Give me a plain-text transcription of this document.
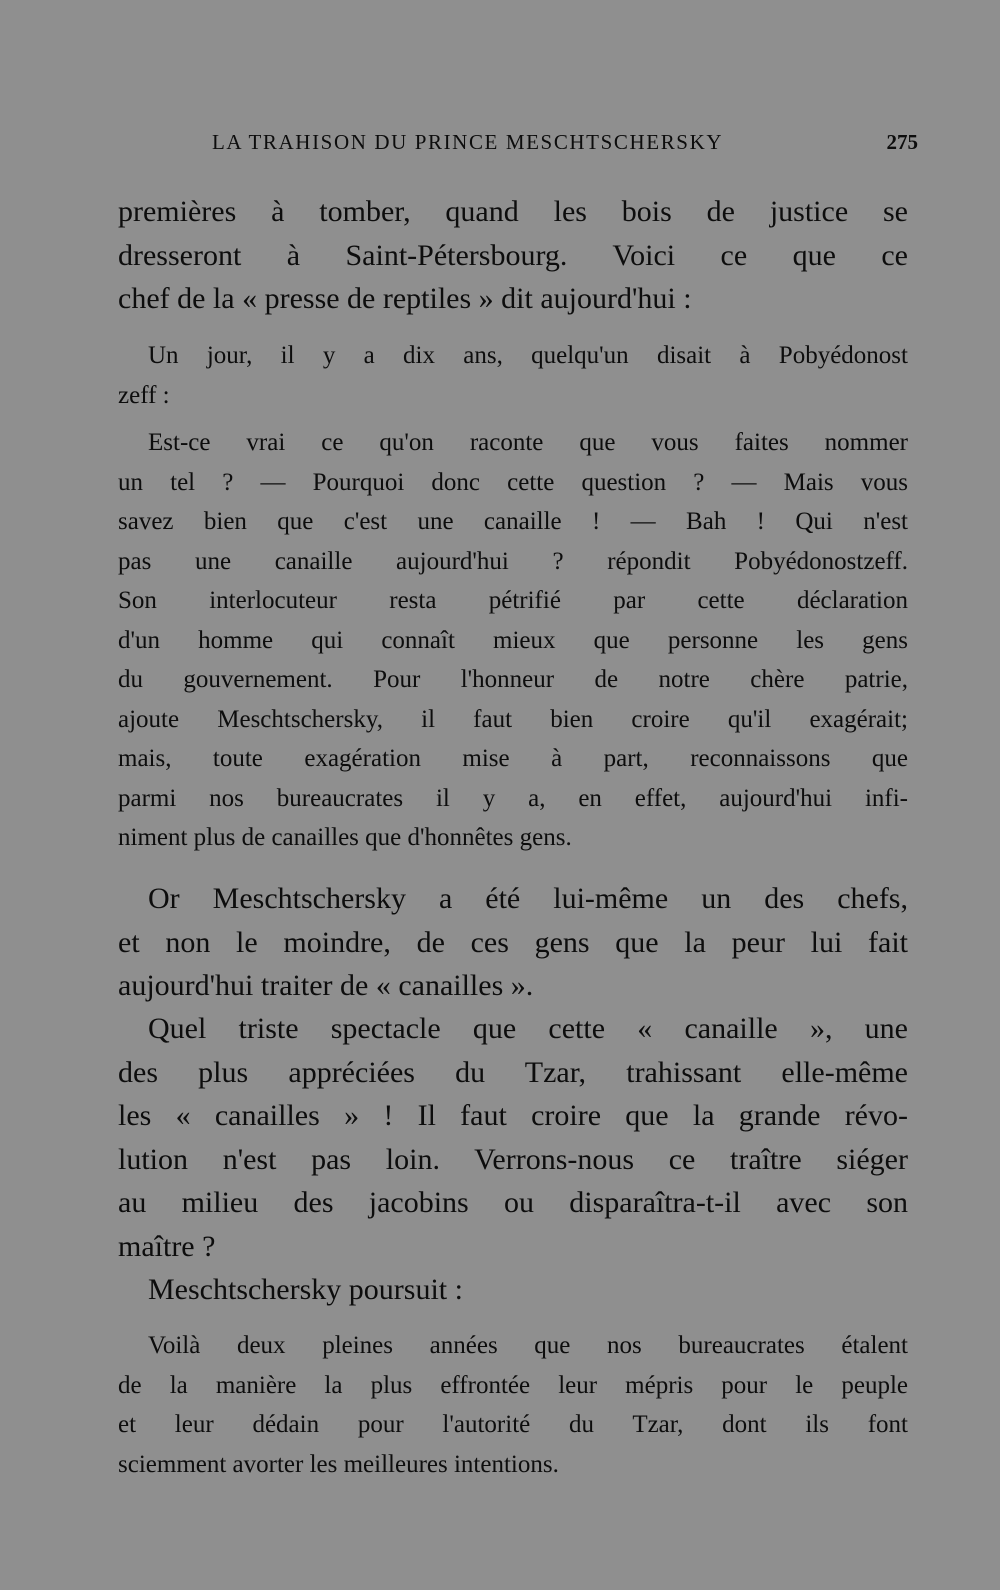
LA TRAHISON DU PRINCE MESCHTSCHERSKY	275
premières à tomber, quand les bois de justice se
dresseront à Saint-Pétersbourg. Voici ce que ce
chef de la « presse de reptiles » dit aujourd'hui :
Un jour, il y a dix ans, quelqu'un disait à Pobyédonost
zeff :
Est-ce vrai ce qu'on raconte que vous faites nommer
un tel ? — Pourquoi donc cette question ? — Mais vous
savez bien que c'est une canaille ! — Bah ! Qui n'est
pas une canaille aujourd'hui ? répondit Pobyédonostzeff.
Son interlocuteur resta pétrifié par cette déclaration
d'un homme qui connaît mieux que personne les gens
du gouvernement. Pour l'honneur de notre chère patrie,
ajoute Meschtschersky, il faut bien croire qu'il exagérait;
mais, toute exagération mise à part, reconnaissons que
parmi nos bureaucrates il y a, en effet, aujourd'hui infi-
niment plus de canailles que d'honnêtes gens.
Or Meschtschersky a été lui-même un des chefs,
et non le moindre, de ces gens que la peur lui fait
aujourd'hui traiter de « canailles ».
Quel triste spectacle que cette « canaille », une
des plus appréciées du Tzar, trahissant elle-même
les « canailles » ! Il faut croire que la grande révo-
lution n'est pas loin. Verrons-nous ce traître siéger
au milieu des jacobins ou disparaîtra-t-il avec son
maître ?
Meschtschersky poursuit :
Voilà deux pleines années que nos bureaucrates étalent
de la manière la plus effrontée leur mépris pour le peuple
et leur dédain pour l'autorité du Tzar, dont ils font
sciemment avorter les meilleures intentions.
